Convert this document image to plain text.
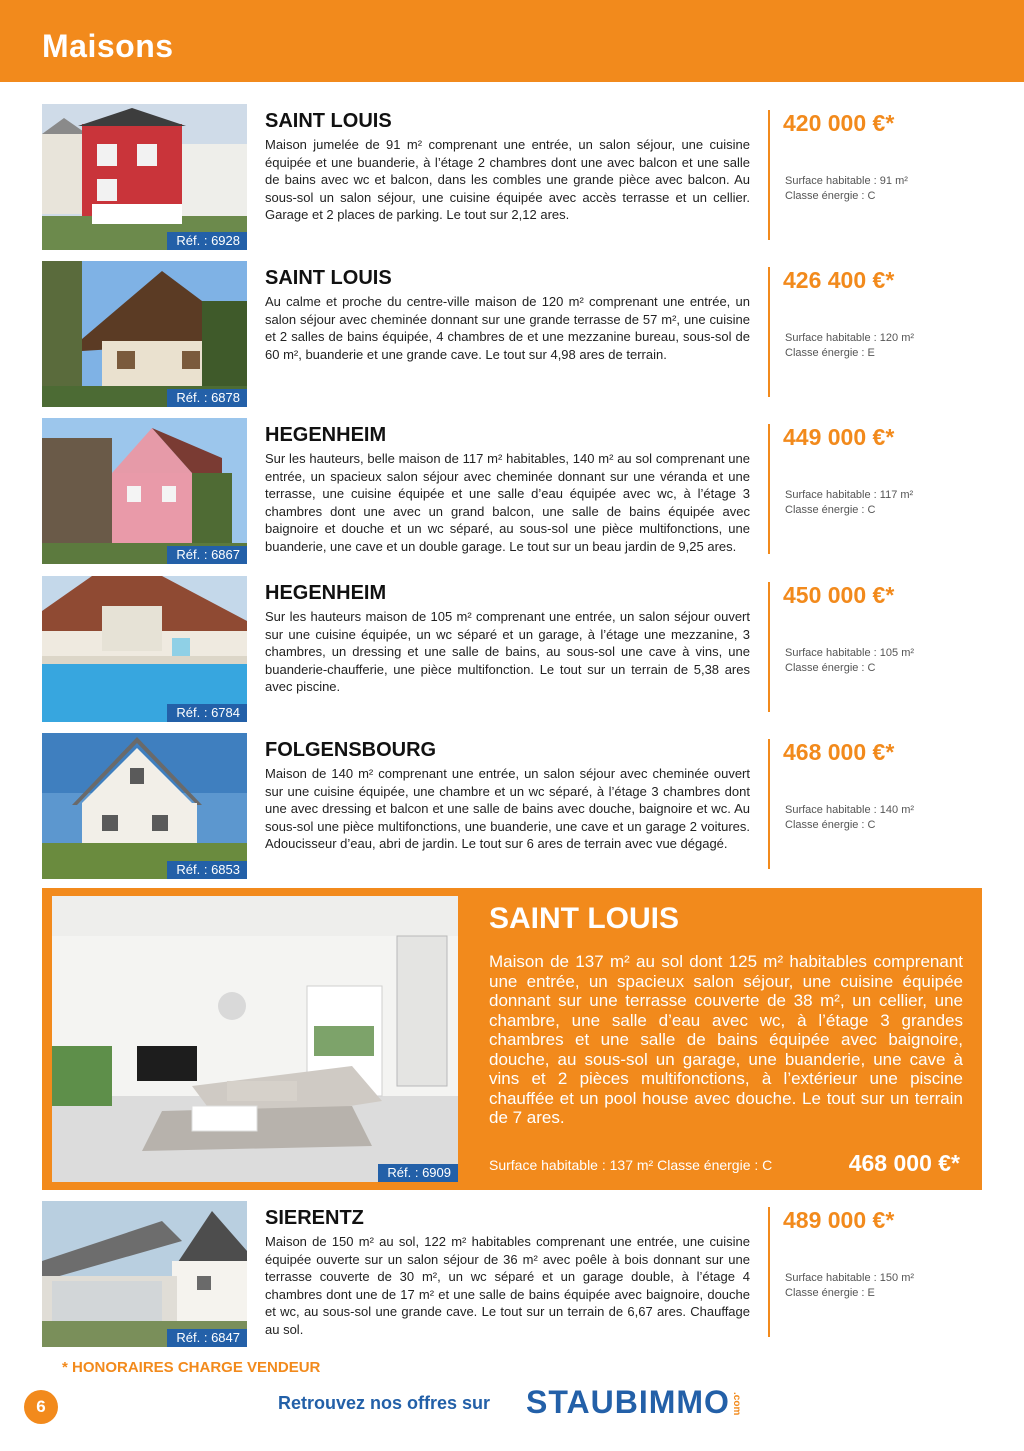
Maisons
Réf. : 6928
SAINT LOUIS

Maison jumelée de 91 m² comprenant une entrée, un salon séjour, une cuisine équipée et une buanderie, à l’étage 2 chambres dont une avec balcon et une salle de bains avec wc et balcon, dans les combles une grande pièce avec balcon. Au sous-sol un salon séjour, une cuisine équipée avec accès terrasse et un cellier. Garage et 2 places de parking. Le tout sur 2,12 ares.

420 000 €*
Surface habitable : 91 m²
Classe énergie : C
Réf. : 6878
SAINT LOUIS

Au calme et proche du centre-ville maison de 120 m² comprenant une entrée, un salon séjour avec cheminée donnant sur une grande terrasse de 57 m², une cuisine et 2 salles de bains équipée, 4 chambres de et une mezzanine bureau, sous-sol de 60 m², buanderie et une grande cave. Le tout sur 4,98 ares de terrain.

426 400 €*
Surface habitable : 120 m²
Classe énergie : E
Réf. : 6867
HEGENHEIM

Sur les hauteurs, belle maison de 117 m² habitables, 140 m² au sol comprenant une entrée, un spacieux salon séjour avec cheminée donnant sur une véranda et une terrasse, une cuisine équipée et une salle d’eau équipée avec wc, à l’étage 3 chambres dont une avec un grand balcon, une salle de bains équipée avec baignoire et douche et un wc séparé, au sous-sol une pièce multifonctions, une buanderie, une cave et un double garage. Le tout sur un beau jardin de 9,25 ares.

449 000 €*
Surface habitable : 117 m²
Classe énergie : C
Réf. : 6784
HEGENHEIM

Sur les hauteurs maison de 105 m² comprenant une entrée, un salon séjour ouvert sur une cuisine équipée, un wc séparé et un garage, à l’étage une mezzanine, 3 chambres, un dressing et une salle de bains, au sous-sol une cave à vins, une buanderie-chaufferie, une pièce multifonction. Le tout sur un terrain de 5,38 ares avec piscine.

450 000 €*
Surface habitable : 105 m²
Classe énergie : C
Réf. : 6853
FOLGENSBOURG

Maison de 140 m² comprenant une entrée, un salon séjour avec cheminée ouvert sur une cuisine équipée, une chambre et un wc séparé, à l’étage 3 chambres dont une avec dressing et balcon et une salle de bains avec douche, baignoire et wc. Au sous-sol une pièce multifonctions, une buanderie, une cave et un garage 2 voitures. Adoucisseur d’eau, abri de jardin. Le tout sur 6 ares de terrain avec vue dégagé.

468 000 €*
Surface habitable : 140 m²
Classe énergie : C
Réf. : 6909
SAINT LOUIS

Maison de 137 m² au sol dont 125 m² habitables comprenant une entrée, un spacieux salon séjour, une cuisine équipée donnant sur une terrasse couverte de 38 m², un cellier, une chambre, une salle d’eau avec wc, à l’étage 3 grandes chambres et une salle de bains équipée avec baignoire, douche, au sous-sol un garage, une buanderie, une cave à vins et 2 pièces multifonctions, à l’extérieur une piscine chauffée et un pool house avec douche. Le tout sur un terrain de 7 ares.

Surface habitable : 137 m² Classe énergie : C	468 000 €*
Réf. : 6847
SIERENTZ

Maison de 150 m² au sol, 122 m² habitables comprenant une entrée, une cuisine équipée ouverte sur un salon séjour de 36 m² avec poêle à bois donnant sur une terrasse couverte de 30 m², un wc séparé et un garage double, à l’étage 4 chambres dont une de 17 m² et une salle de bains équipée avec baignoire, douche et wc, au sous-sol une grande cave. Le tout sur un terrain de 6,67 ares. Chauffage au sol.

489 000 €*
Surface habitable : 150 m²
Classe énergie : E
* HONORAIRES CHARGE VENDEUR
6	Retrouvez nos offres sur STAUBIMMO .com
